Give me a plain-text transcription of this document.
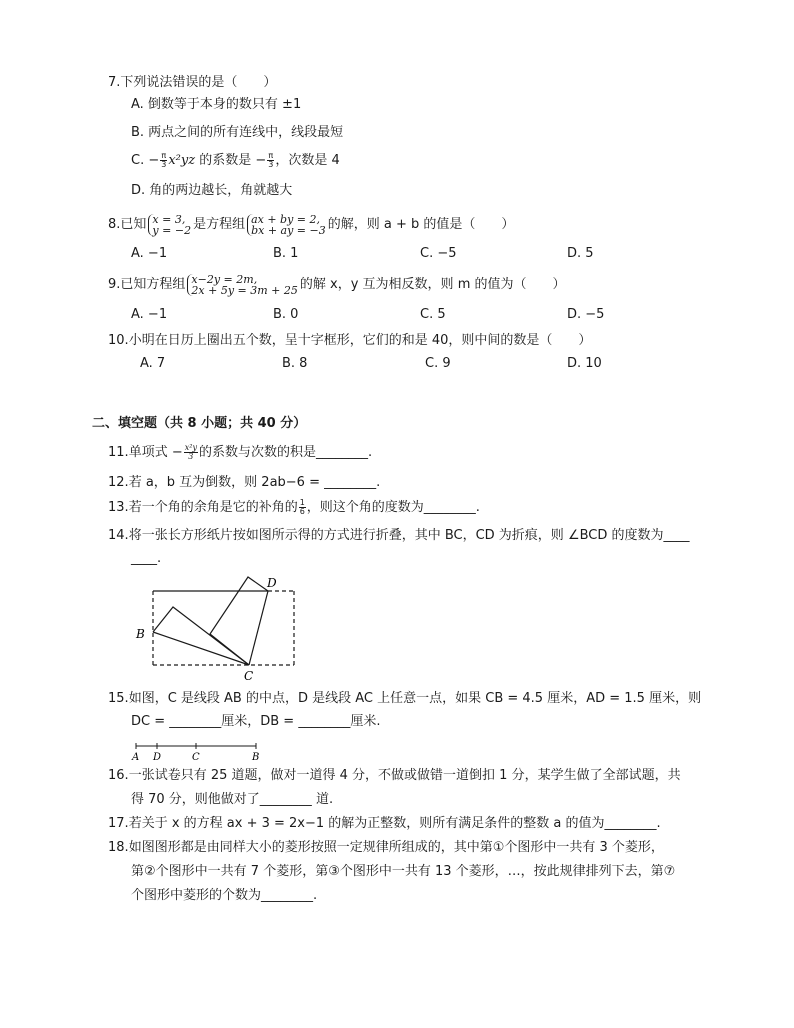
7.下列说法错误的是（　　）
A. 倒数等于本身的数只有 ±1
B. 两点之间的所有连线中，线段最短
C. − $\frac{\pi}{3} x^2yz$ 的系数是 − $\frac{\pi}{3}$ ，次数是 4
D. 角的两边越长，角就越大
8.已知 x = 3,
y = −2 是方程组 ax + by = 2,
bx + ay = −3 的解，则 a + b 的值是（　　）
A. −1	B. 1	C. −5	D. 5
9.已知方程组 x−2y = 2m,
2x + 5y = 3m + 25 的解 x，y 互为相反数，则 m 的值为（　　）
A. −1	B. 0	C. 5	D. −5
10.小明在日历上圈出五个数，呈十字框形，它们的和是 40，则中间的数是（　　）
A. 7	B. 8	C. 9	D. 10
二、填空题（共 8 小题；共 40 分）
11.单项式 − $\frac{\text{x²y}}{3}$ 的系数与次数的积是________.
12.若 a，b 互为倒数，则 2ab−6 = ________.
13.若一个角的余角是它的补角的 $\frac{1}{6}$ ，则这个角的度数为________.
14.将一张长方形纸片按如图所示得的方式进行折叠，其中 BC，CD 为折痕，则 ∠BCD 的度数为____
____.
B
C
D
15.如图，C 是线段 AB 的中点，D 是线段 AC 上任意一点，如果 CB = 4.5 厘米，AD = 1.5 厘米，则
DC = ________厘米，DB = ________厘米.
A D	C	B
16.一张试卷只有 25 道题，做对一道得 4 分，不做或做错一道倒扣 1 分，某学生做了全部试题，共
得 70 分，则他做对了________ 道.
17.若关于 x 的方程 ax + 3 = 2x−1 的解为正整数，则所有满足条件的整数 a 的值为________.
18.如图图形都是由同样大小的菱形按照一定规律所组成的，其中第①个图形中一共有 3 个菱形，
第②个图形中一共有 7 个菱形，第③个图形中一共有 13 个菱形，…，按此规律排列下去，第⑦
个图形中菱形的个数为________.
